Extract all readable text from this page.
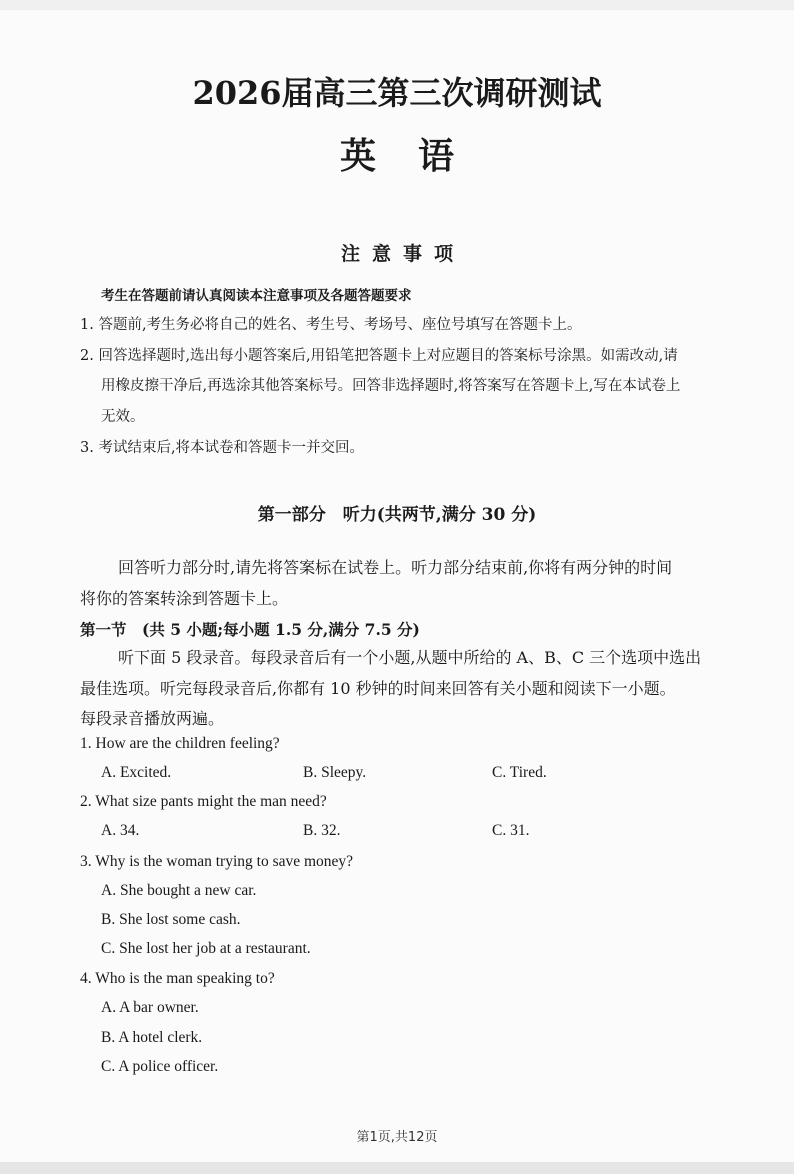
2026届高三第三次调研测试
英语
注意事项
考生在答题前请认真阅读本注意事项及各题答题要求
1. 答题前,考生务必将自己的姓名、考生号、考场号、座位号填写在答题卡上。
2. 回答选择题时,选出每小题答案后,用铅笔把答题卡上对应题目的答案标号涂黑。如需改动,请
用橡皮擦干净后,再选涂其他答案标号。回答非选择题时,将答案写在答题卡上,写在本试卷上
无效。
3. 考试结束后,将本试卷和答题卡一并交回。
第一部分　听力(共两节,满分 30 分)
回答听力部分时,请先将答案标在试卷上。听力部分结束前,你将有两分钟的时间
将你的答案转涂到答题卡上。
第一节　(共 5 小题;每小题 1.5 分,满分 7.5 分)
听下面 5 段录音。每段录音后有一个小题,从题中所给的 A、B、C 三个选项中选出
最佳选项。听完每段录音后,你都有 10 秒钟的时间来回答有关小题和阅读下一小题。
每段录音播放两遍。
1. How are the children feeling?
A. Excited.	B. Sleepy.	C. Tired.
2. What size pants might the man need?
A. 34.	B. 32.	C. 31.
3. Why is the woman trying to save money?
A. She bought a new car.
B. She lost some cash.
C. She lost her job at a restaurant.
4. Who is the man speaking to?
A. A bar owner.
B. A hotel clerk.
C. A police officer.
第1页,共12页
